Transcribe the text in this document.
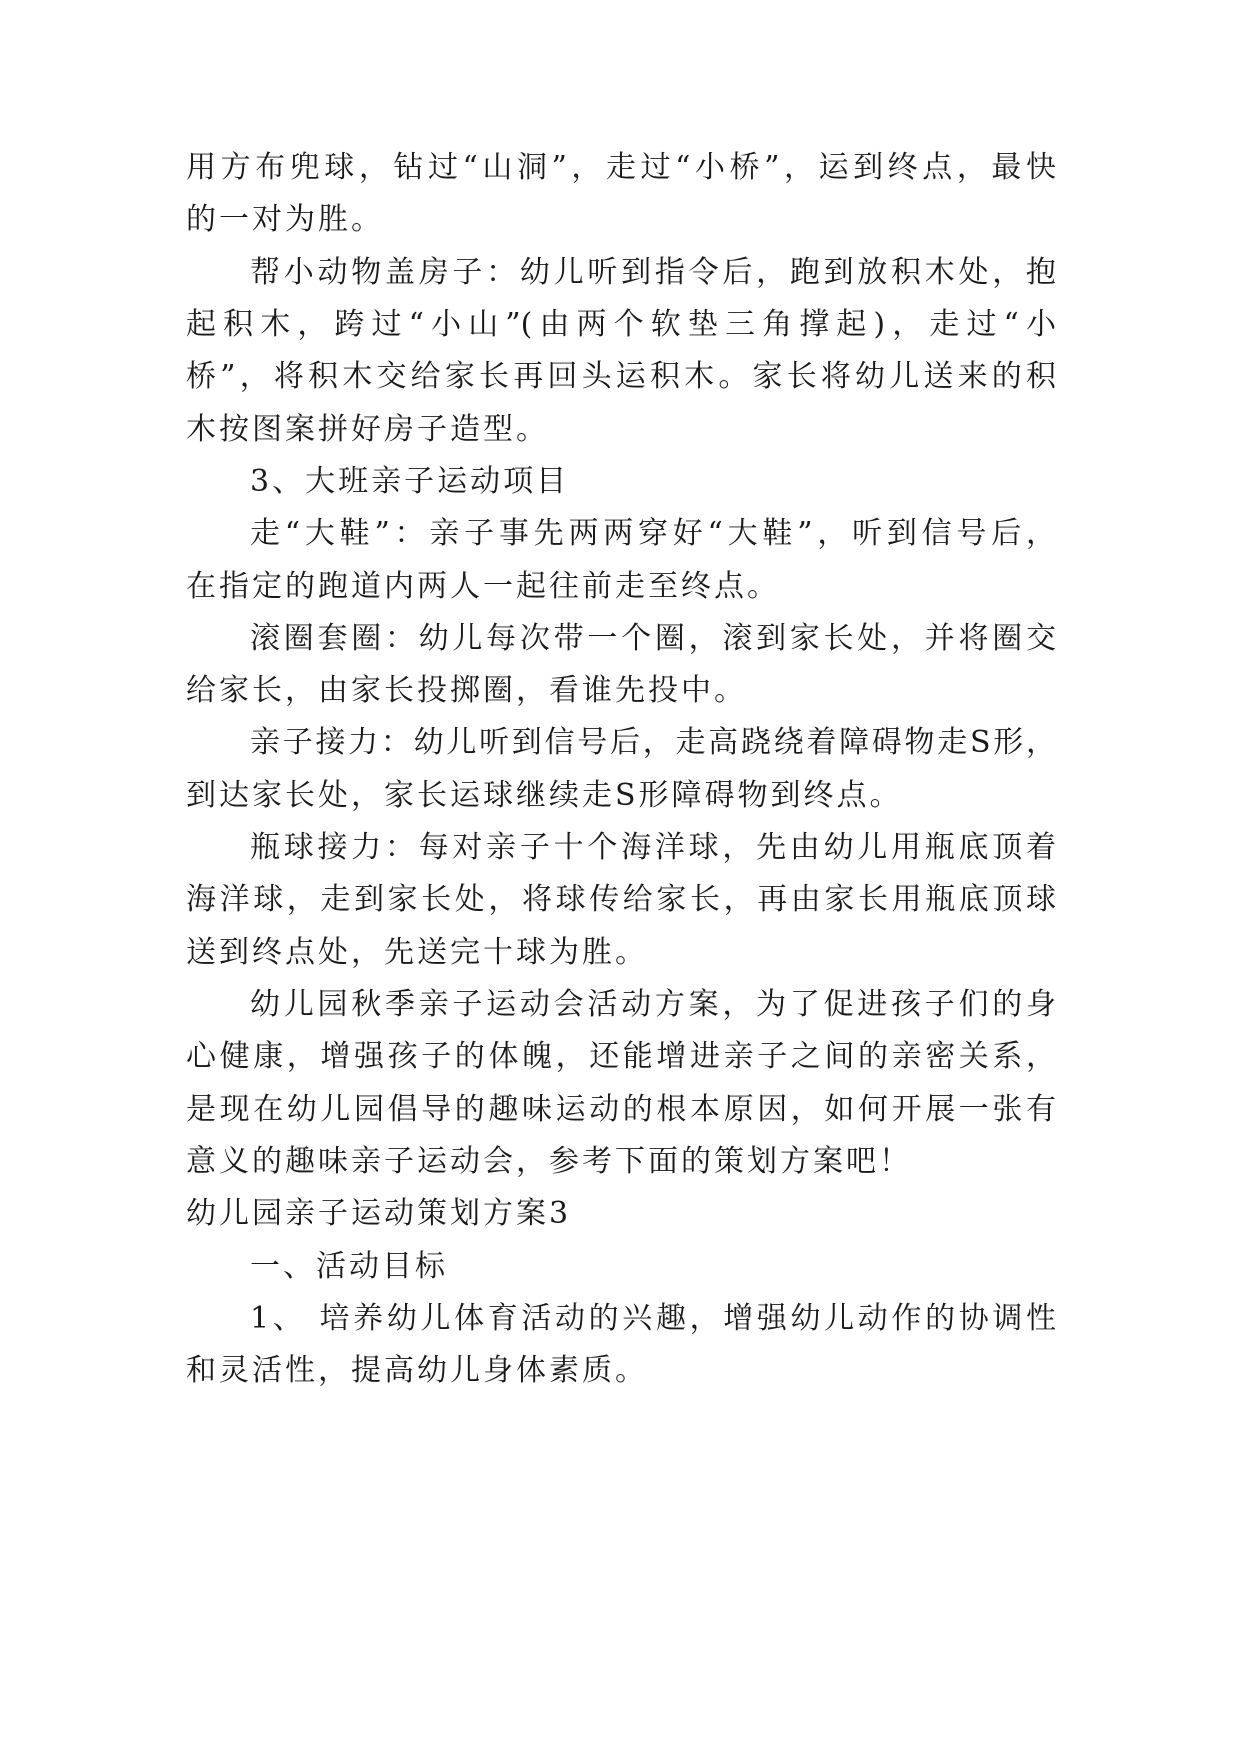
用方布兜球，钻过“山洞”，走过“小桥”，运到终点，最快
的一对为胜。
帮小动物盖房子：幼儿听到指令后，跑到放积木处，抱
起积木，跨过“小山”(由两个软垫三角撑起)，走过“小
桥”，将积木交给家长再回头运积木。家长将幼儿送来的积
木按图案拼好房子造型。
3、大班亲子运动项目
走“大鞋”：亲子事先两两穿好“大鞋”，听到信号后，
在指定的跑道内两人一起往前走至终点。
滚圈套圈：幼儿每次带一个圈，滚到家长处，并将圈交
给家长，由家长投掷圈，看谁先投中。
亲子接力：幼儿听到信号后，走高跷绕着障碍物走S形，
到达家长处，家长运球继续走S形障碍物到终点。
瓶球接力：每对亲子十个海洋球，先由幼儿用瓶底顶着
海洋球，走到家长处，将球传给家长，再由家长用瓶底顶球
送到终点处，先送完十球为胜。
幼儿园秋季亲子运动会活动方案，为了促进孩子们的身
心健康，增强孩子的体魄，还能增进亲子之间的亲密关系，
是现在幼儿园倡导的趣味运动的根本原因，如何开展一张有
意义的趣味亲子运动会，参考下面的策划方案吧！
幼儿园亲子运动策划方案3
一、活动目标
1、 培养幼儿体育活动的兴趣，增强幼儿动作的协调性
和灵活性，提高幼儿身体素质。
